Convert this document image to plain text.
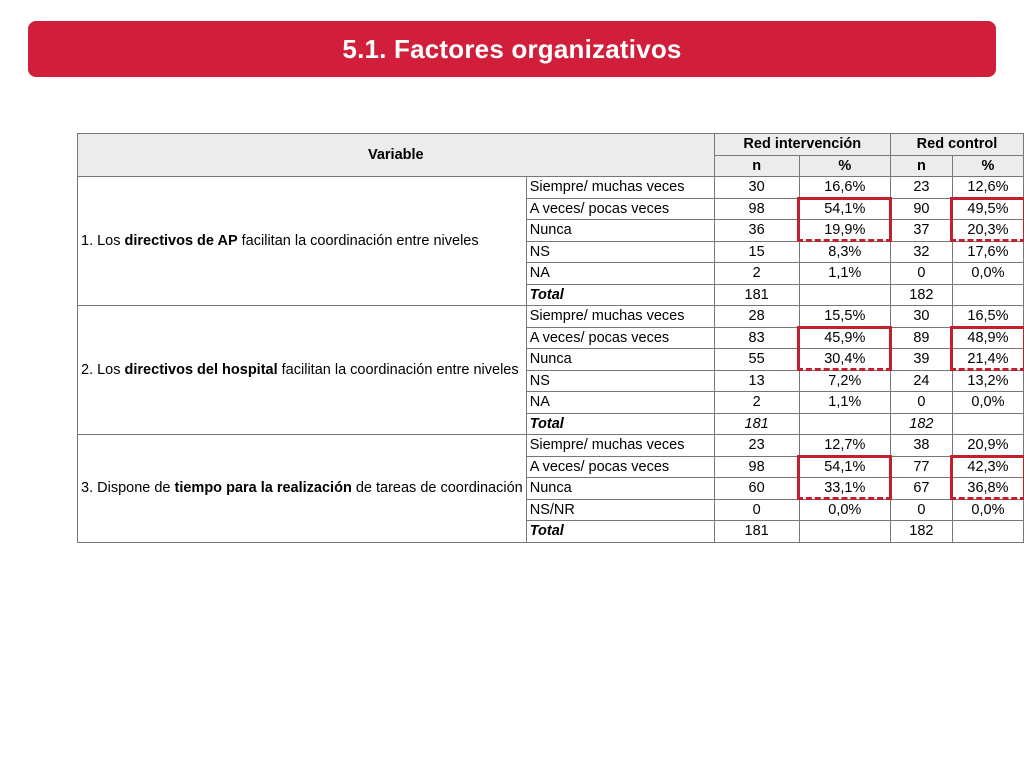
5.1. Factores organizativos
Variable		Red intervención		Red control	
		n	%	n	%
1. Los directivos de AP facilitan la coordinación entre niveles	Siempre/ muchas veces	30	16,6%	23	12,6%
	A veces/ pocas veces	98	54,1%	90	49,5%
	Nunca	36	19,9%	37	20,3%
	NS	15	8,3%	32	17,6%
	NA	2	1,1%	0	0,0%
	Total	181		182	
2. Los directivos del hospital facilitan la coordinación entre niveles	Siempre/ muchas veces	28	15,5%	30	16,5%
	A veces/ pocas veces	83	45,9%	89	48,9%
	Nunca	55	30,4%	39	21,4%
	NS	13	7,2%	24	13,2%
	NA	2	1,1%	0	0,0%
	Total	181		182	
3. Dispone de tiempo para la realización de tareas de coordinación	Siempre/ muchas veces	23	12,7%	38	20,9%
	A veces/ pocas veces	98	54,1%	77	42,3%
	Nunca	60	33,1%	67	36,8%
	NS/NR	0	0,0%	0	0,0%
	Total	181		182	
